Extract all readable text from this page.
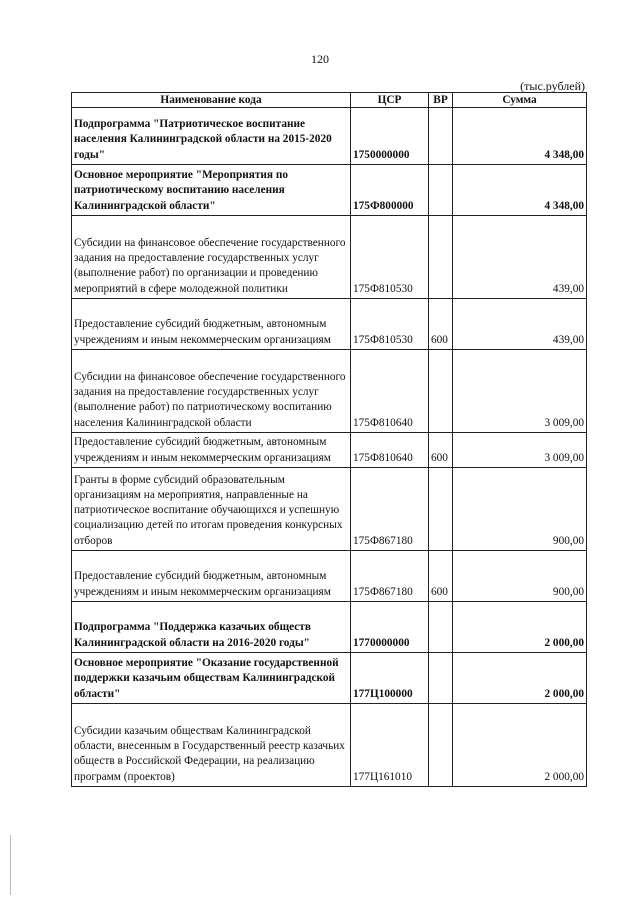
120
(тыс.рублей)
Наименование кода	ЦСР	ВР	Сумма
Подпрограмма "Патриотическое воспитание населения Калининградской области на 2015-2020 годы"	1750000000		4 348,00
Основное мероприятие "Мероприятия по патриотическому воспитанию населения Калининградской области"	175Ф800000		4 348,00
Субсидии на финансовое обеспечение государственного задания на предоставление государственных услуг (выполнение работ) по организации и проведению мероприятий в сфере молодежной политики	175Ф810530		439,00
Предоставление субсидий бюджетным, автономным учреждениям и иным некоммерческим организациям	175Ф810530	600	439,00
Субсидии на финансовое обеспечение государственного задания на предоставление государственных услуг (выполнение работ) по патриотическому воспитанию населения Калининградской области	175Ф810640		3 009,00
Предоставление субсидий бюджетным, автономным учреждениям и иным некоммерческим организациям	175Ф810640	600	3 009,00
Гранты в форме субсидий образовательным организациям на мероприятия, направленные на патриотическое воспитание обучающихся и успешную социализацию детей по итогам проведения конкурсных отборов	175Ф867180		900,00
Предоставление субсидий бюджетным, автономным учреждениям и иным некоммерческим организациям	175Ф867180	600	900,00
Подпрограмма "Поддержка казачьих обществ Калининградской области на 2016-2020 годы"	1770000000		2 000,00
Основное мероприятие "Оказание государственной поддержки казачьим обществам Калининградской области"	177Ц100000		2 000,00
Субсидии казачьим обществам Калининградской области, внесенным в Государственный реестр казачьих обществ в Российской Федерации, на реализацию программ (проектов)	177Ц161010		2 000,00
